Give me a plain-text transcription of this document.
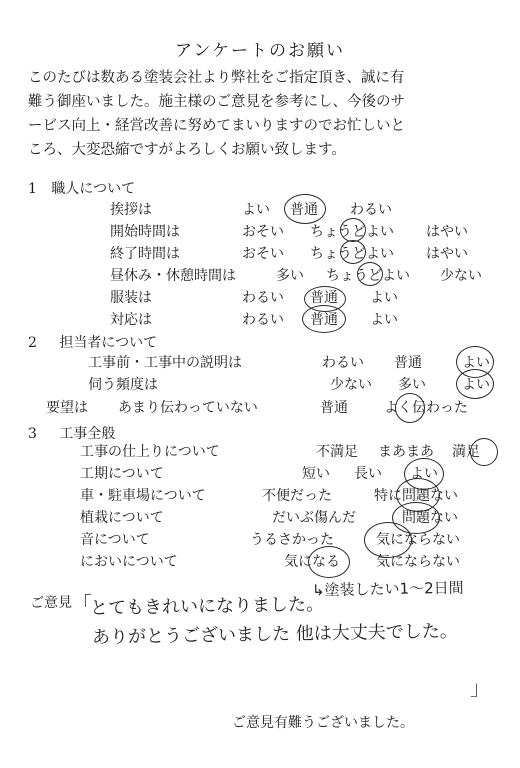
アンケートのお願い
このたびは数ある塗装会社より弊社をご指定頂き、誠に有
難う御座いました。施主様のご意見を参考にし、今後のサ
ービス向上・経営改善に努めてまいりますのでお忙しいと
ころ、大変恐縮ですがよろしくお願い致します。
1 職人について
挨拶は	よい 普通 わるい
開始時間は	おそい ちょうどよい はやい
終了時間は	おそい ちょうどよい はやい
昼休み・休憩時間は	多い ちょうどよい 少ない
服装は	わるい 普通 よい
対応は	わるい 普通 よい
2 担当者について
工事前・工事中の説明は	わるい 普通	よい
伺う頻度は	少ない 多い	よい
要望は あまり伝わっていない	普通	よく伝わった
3 工事全般
工事の仕上りについて	不満足 まあまあ 満足
工期について	短い 長い よい
車・駐車場について	不便だった	特に問題ない
植栽について	だいぶ傷んだ	問題ない
音について	うるさかった	気にならない
においについて	気になる	気にならない
ご意見 「
とてもきれいになりました。
↳塗装したい1〜2日間
ありがとうございました 他は大丈夫でした。
」
ご意見有難うございました。
